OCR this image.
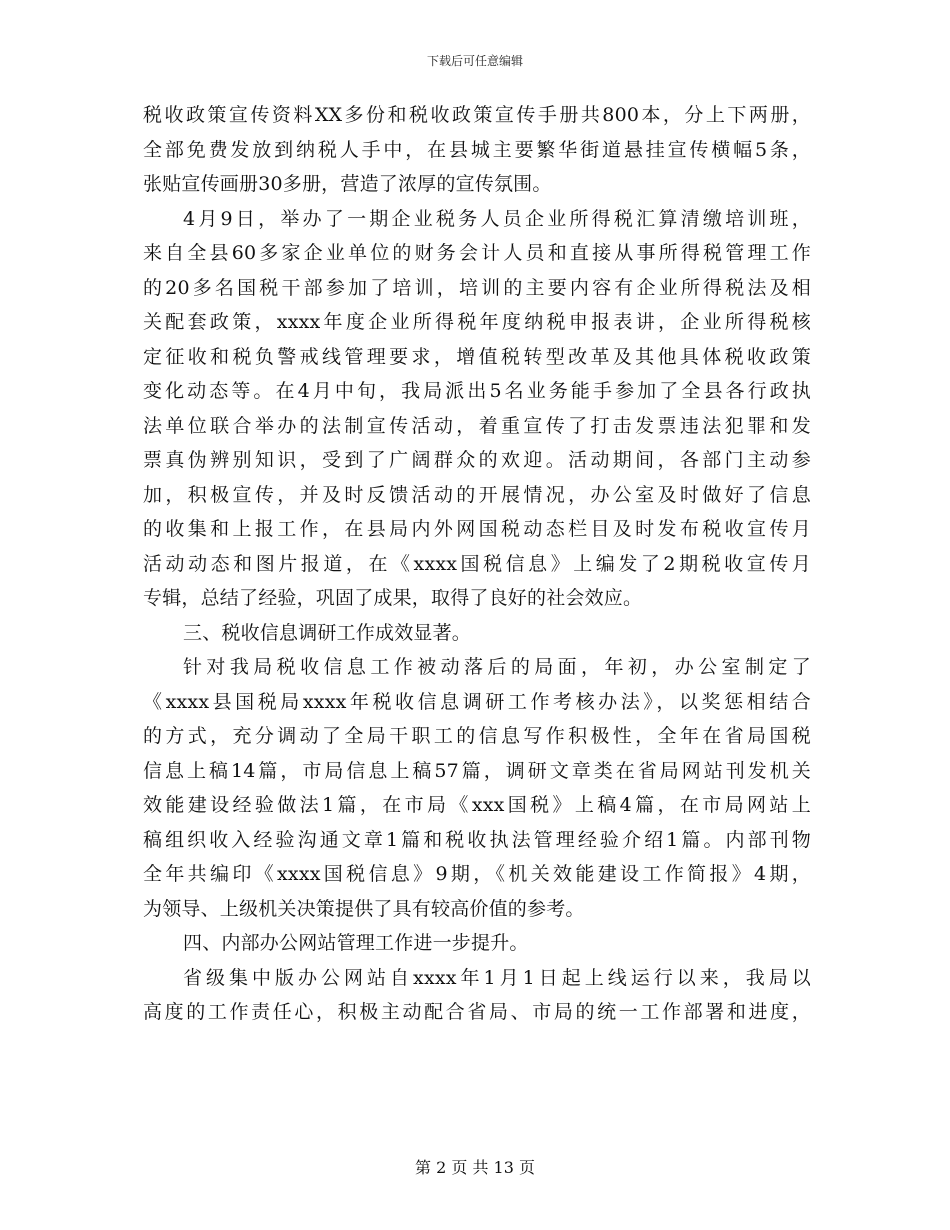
下载后可任意编辑
税收政策宣传资料XX多份和税收政策宣传手册共800本，分上下两册，
全部免费发放到纳税人手中，在县城主要繁华街道悬挂宣传横幅5条，
张贴宣传画册30多册，营造了浓厚的宣传氛围。
4月9日，举办了一期企业税务人员企业所得税汇算清缴培训班，
来自全县60多家企业单位的财务会计人员和直接从事所得税管理工作
的20多名国税干部参加了培训，培训的主要内容有企业所得税法及相
关配套政策，xxxx年度企业所得税年度纳税申报表讲，企业所得税核
定征收和税负警戒线管理要求，增值税转型改革及其他具体税收政策
变化动态等。在4月中旬，我局派出5名业务能手参加了全县各行政执
法单位联合举办的法制宣传活动，着重宣传了打击发票违法犯罪和发
票真伪辨别知识，受到了广阔群众的欢迎。活动期间，各部门主动参
加，积极宣传，并及时反馈活动的开展情况，办公室及时做好了信息
的收集和上报工作，在县局内外网国税动态栏目及时发布税收宣传月
活动动态和图片报道，在《xxxx国税信息》上编发了2期税收宣传月
专辑，总结了经验，巩固了成果，取得了良好的社会效应。
三、税收信息调研工作成效显著。
针对我局税收信息工作被动落后的局面，年初，办公室制定了
《xxxx县国税局xxxx年税收信息调研工作考核办法》，以奖惩相结合
的方式，充分调动了全局干职工的信息写作积极性，全年在省局国税
信息上稿14篇，市局信息上稿57篇，调研文章类在省局网站刊发机关
效能建设经验做法1篇，在市局《xxx国税》上稿4篇，在市局网站上
稿组织收入经验沟通文章1篇和税收执法管理经验介绍1篇。内部刊物
全年共编印《xxxx国税信息》9期，《机关效能建设工作简报》4期，
为领导、上级机关决策提供了具有较高价值的参考。
四、内部办公网站管理工作进一步提升。
省级集中版办公网站自xxxx年1月1日起上线运行以来，我局以
高度的工作责任心，积极主动配合省局、市局的统一工作部署和进度，
第 2 页 共 13 页
